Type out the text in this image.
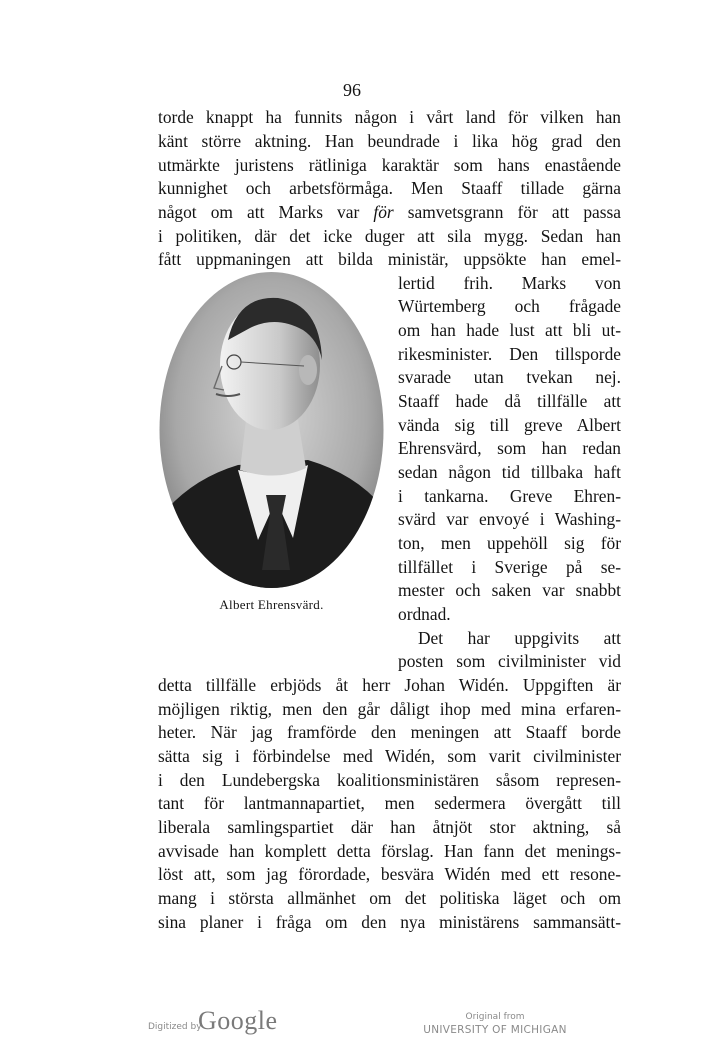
96
torde knappt ha funnits någon i vårt land för vilken han
känt större aktning. Han beundrade i lika hög grad den
utmärkte juristens rätliniga karaktär som hans enastående
kunnighet och arbetsförmåga. Men Staaff tillade gärna
något om att Marks var för samvetsgrann för att passa
i politiken, där det icke duger att sila mygg. Sedan han
fått uppmaningen att bilda ministär, uppsökte han emel-
Albert Ehrensvärd.
lertid frih. Marks von
Würtemberg och frågade
om han hade lust att bli ut-
rikesminister. Den tillsporde
svarade utan tvekan nej.
Staaff hade då tillfälle att
vända sig till greve Albert
Ehrensvärd, som han redan
sedan någon tid tillbaka haft
i tankarna. Greve Ehren-
svärd var envoyé i Washing-
ton, men uppehöll sig för
tillfället i Sverige på se-
mester och saken var snabbt
ordnad.
Det har uppgivits att
posten som civilminister vid
detta tillfälle erbjöds åt herr Johan Widén. Uppgiften är
möjligen riktig, men den går dåligt ihop med mina erfaren-
heter. När jag framförde den meningen att Staaff borde
sätta sig i förbindelse med Widén, som varit civilminister
i den Lundebergska koalitionsministären såsom represen-
tant för lantmannapartiet, men sedermera övergått till
liberala samlingspartiet där han åtnjöt stor aktning, så
avvisade han komplett detta förslag. Han fann det menings-
löst att, som jag förordade, besvära Widén med ett resone-
mang i största allmänhet om det politiska läget och om
sina planer i fråga om den nya ministärens sammansätt-
Digitized by
Google	Original from
UNIVERSITY OF MICHIGAN
